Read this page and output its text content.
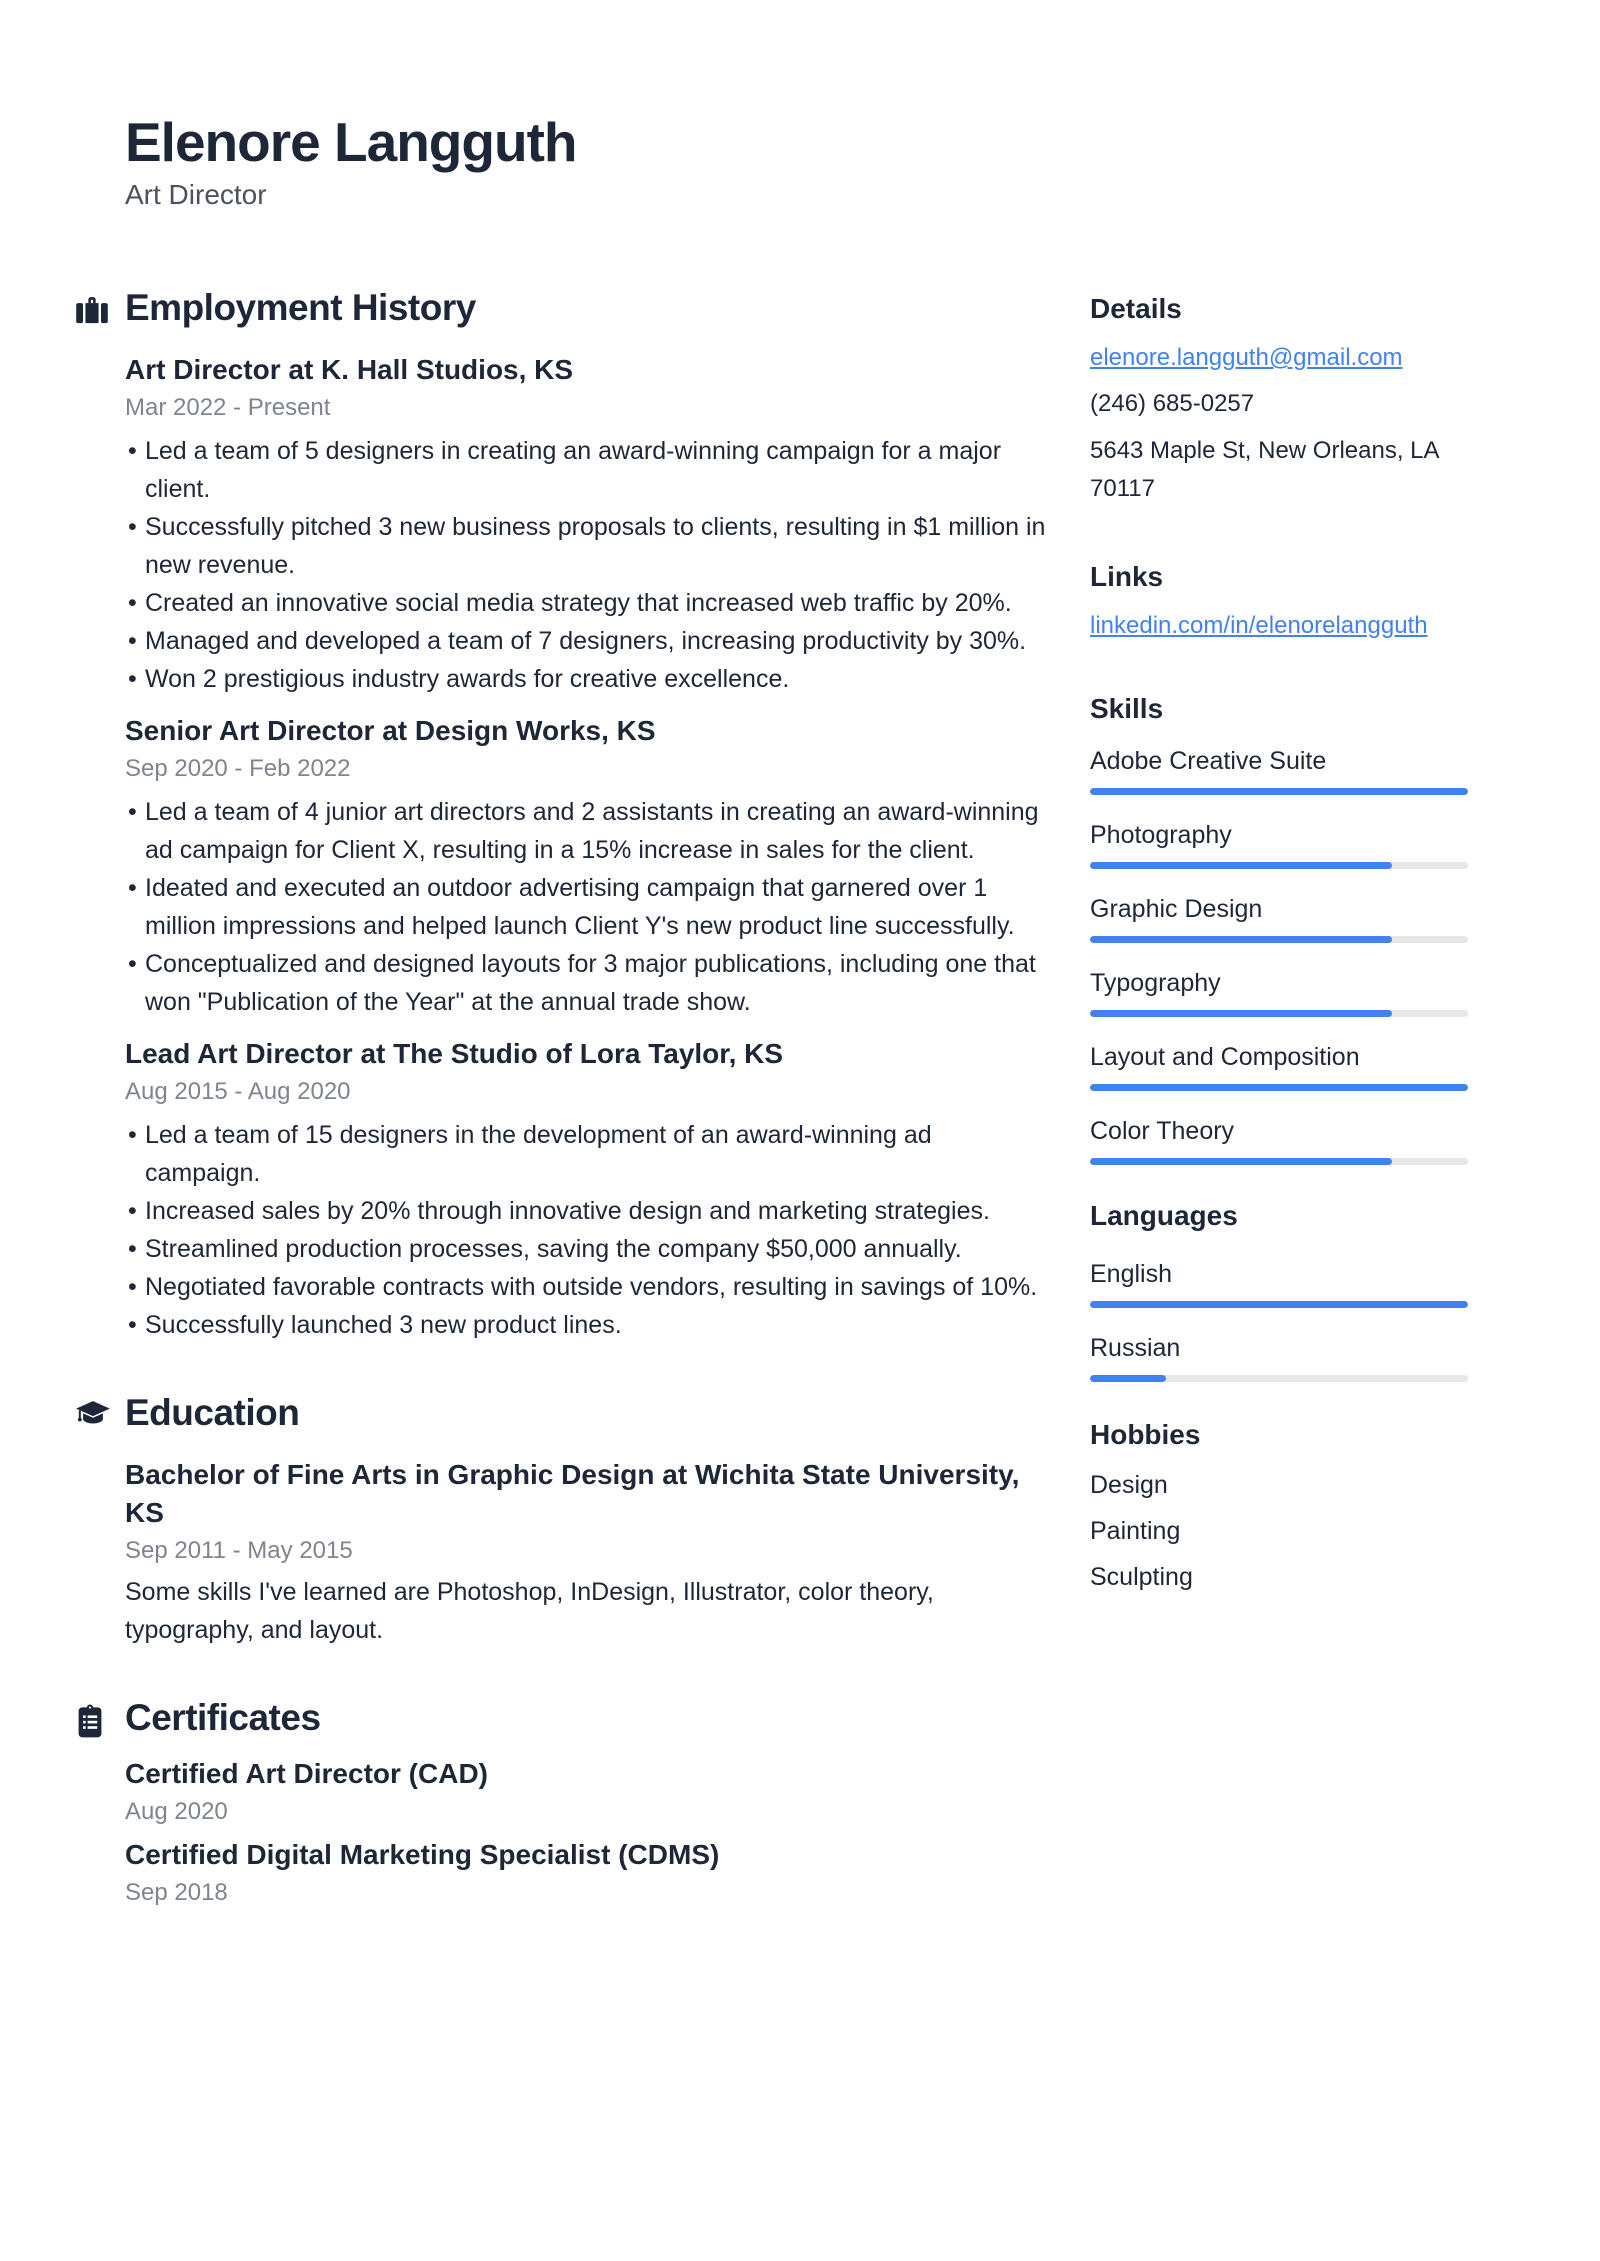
Elenore Langguth
Art Director
Employment History
Art Director at K. Hall Studios, KS
Mar 2022 - Present
• Led a team of 5 designers in creating an award-winning campaign for a major client.
• Successfully pitched 3 new business proposals to clients, resulting in $1 million in new revenue.
• Created an innovative social media strategy that increased web traffic by 20%.
• Managed and developed a team of 7 designers, increasing productivity by 30%.
• Won 2 prestigious industry awards for creative excellence.
Senior Art Director at Design Works, KS
Sep 2020 - Feb 2022
• Led a team of 4 junior art directors and 2 assistants in creating an award-winning ad campaign for Client X, resulting in a 15% increase in sales for the client.
• Ideated and executed an outdoor advertising campaign that garnered over 1 million impressions and helped launch Client Y's new product line successfully.
• Conceptualized and designed layouts for 3 major publications, including one that won "Publication of the Year" at the annual trade show.
Lead Art Director at The Studio of Lora Taylor, KS
Aug 2015 - Aug 2020
• Led a team of 15 designers in the development of an award-winning ad campaign.
• Increased sales by 20% through innovative design and marketing strategies.
• Streamlined production processes, saving the company $50,000 annually.
• Negotiated favorable contracts with outside vendors, resulting in savings of 10%.
• Successfully launched 3 new product lines.
Education
Bachelor of Fine Arts in Graphic Design at Wichita State University, KS
Sep 2011 - May 2015
Some skills I've learned are Photoshop, InDesign, Illustrator, color theory, typography, and layout.
Certificates
Certified Art Director (CAD)
Aug 2020
Certified Digital Marketing Specialist (CDMS)
Sep 2018
Details
elenore.langguth@gmail.com
(246) 685-0257
5643 Maple St, New Orleans, LA 70117
Links
linkedin.com/in/elenorelangguth
Skills
Adobe Creative Suite
Photography
Graphic Design
Typography
Layout and Composition
Color Theory
Languages
English
Russian
Hobbies
Design
Painting
Sculpting
